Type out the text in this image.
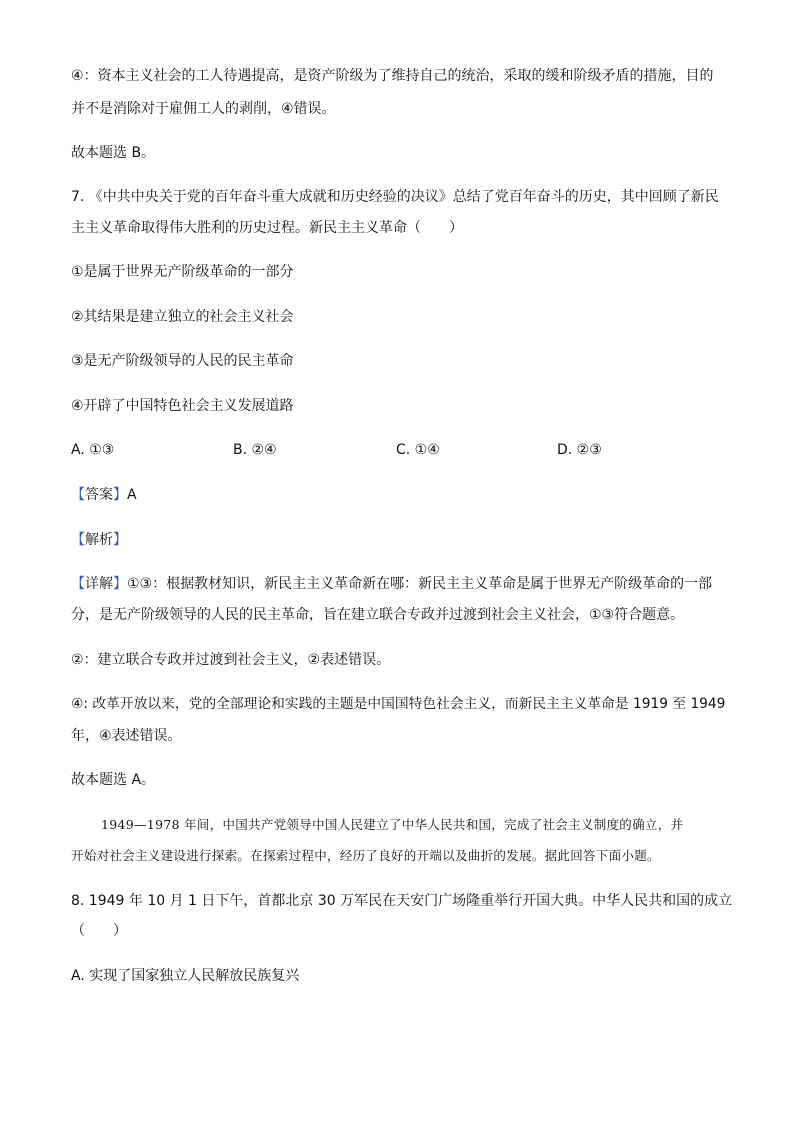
④：资本主义社会的工人待遇提高，是资产阶级为了维持自己的统治，采取的缓和阶级矛盾的措施，目的
并不是消除对于雇佣工人的剥削，④错误。
故本题选 B。
7. 《中共中央关于党的百年奋斗重大成就和历史经验的决议》总结了党百年奋斗的历史，其中回顾了新民
主主义革命取得伟大胜利的历史过程。新民主主义革命（　　）
①是属于世界无产阶级革命的一部分
②其结果是建立独立的社会主义社会
③是无产阶级领导的人民的民主革命
④开辟了中国特色社会主义发展道路
A. ①③	B. ②④	C. ①④	D. ②③
【答案】A
【解析】
【详解】①③：根据教材知识，新民主主义革命新在哪：新民主主义革命是属于世界无产阶级革命的一部
分，是无产阶级领导的人民的民主革命，旨在建立联合专政并过渡到社会主义社会，①③符合题意。
②：建立联合专政并过渡到社会主义，②表述错误。
④: 改革开放以来，党的全部理论和实践的主题是中国国特色社会主义，而新民主主义革命是 1919 至 1949
年，④表述错误。
故本题选 A。
1949—1978 年间，中国共产党领导中国人民建立了中华人民共和国，完成了社会主义制度的确立，并
开始对社会主义建设进行探索。在探索过程中，经历了良好的开端以及曲折的发展。据此回答下面小题。
8. 1949 年 10 月 1 日下午，首都北京 30 万军民在天安门广场隆重举行开国大典。中华人民共和国的成立
（　　）
A. 实现了国家独立人民解放民族复兴
